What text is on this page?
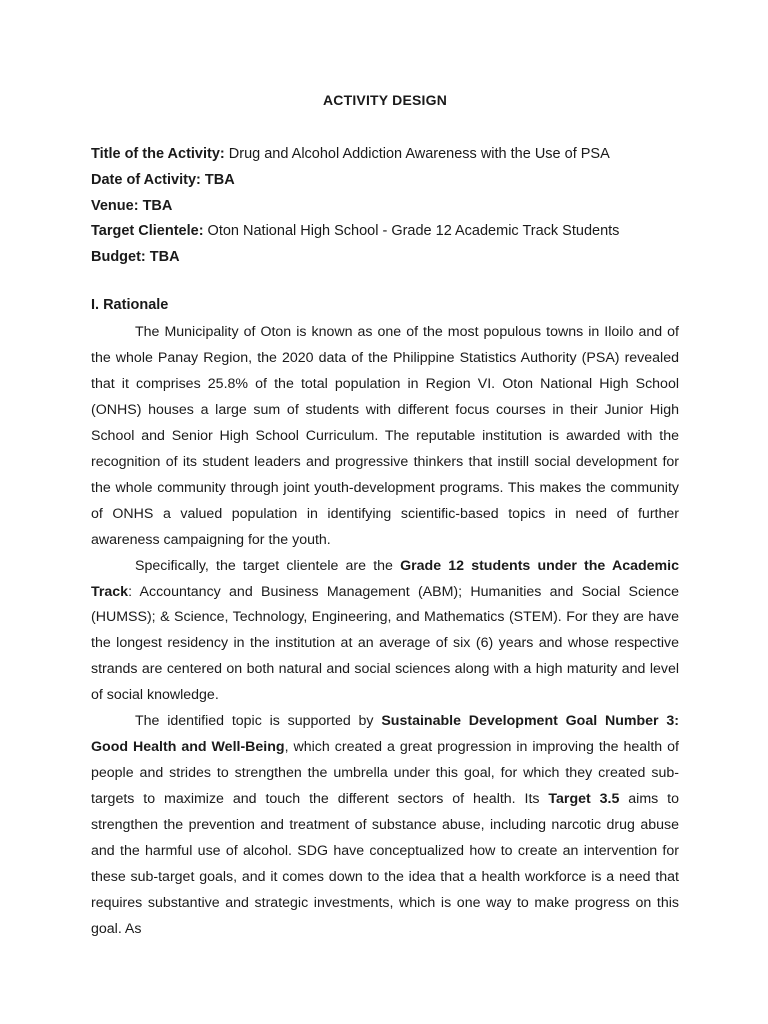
ACTIVITY DESIGN
Title of the Activity: Drug and Alcohol Addiction Awareness with the Use of PSA
Date of Activity: TBA
Venue: TBA
Target Clientele: Oton National High School - Grade 12 Academic Track Students
Budget: TBA
I. Rationale

The Municipality of Oton is known as one of the most populous towns in Iloilo and of the whole Panay Region, the 2020 data of the Philippine Statistics Authority (PSA) revealed that it comprises 25.8% of the total population in Region VI. Oton National High School (ONHS) houses a large sum of students with different focus courses in their Junior High School and Senior High School Curriculum. The reputable institution is awarded with the recognition of its student leaders and progressive thinkers that instill social development for the whole community through joint youth-development programs. This makes the community of ONHS a valued population in identifying scientific-based topics in need of further awareness campaigning for the youth.

Specifically, the target clientele are the Grade 12 students under the Academic Track: Accountancy and Business Management (ABM); Humanities and Social Science (HUMSS); & Science, Technology, Engineering, and Mathematics (STEM). For they are have the longest residency in the institution at an average of six (6) years and whose respective strands are centered on both natural and social sciences along with a high maturity and level of social knowledge.

The identified topic is supported by Sustainable Development Goal Number 3: Good Health and Well-Being, which created a great progression in improving the health of people and strides to strengthen the umbrella under this goal, for which they created sub-targets to maximize and touch the different sectors of health. Its Target 3.5 aims to strengthen the prevention and treatment of substance abuse, including narcotic drug abuse and the harmful use of alcohol. SDG have conceptualized how to create an intervention for these sub-target goals, and it comes down to the idea that a health workforce is a need that requires substantive and strategic investments, which is one way to make progress on this goal. As
